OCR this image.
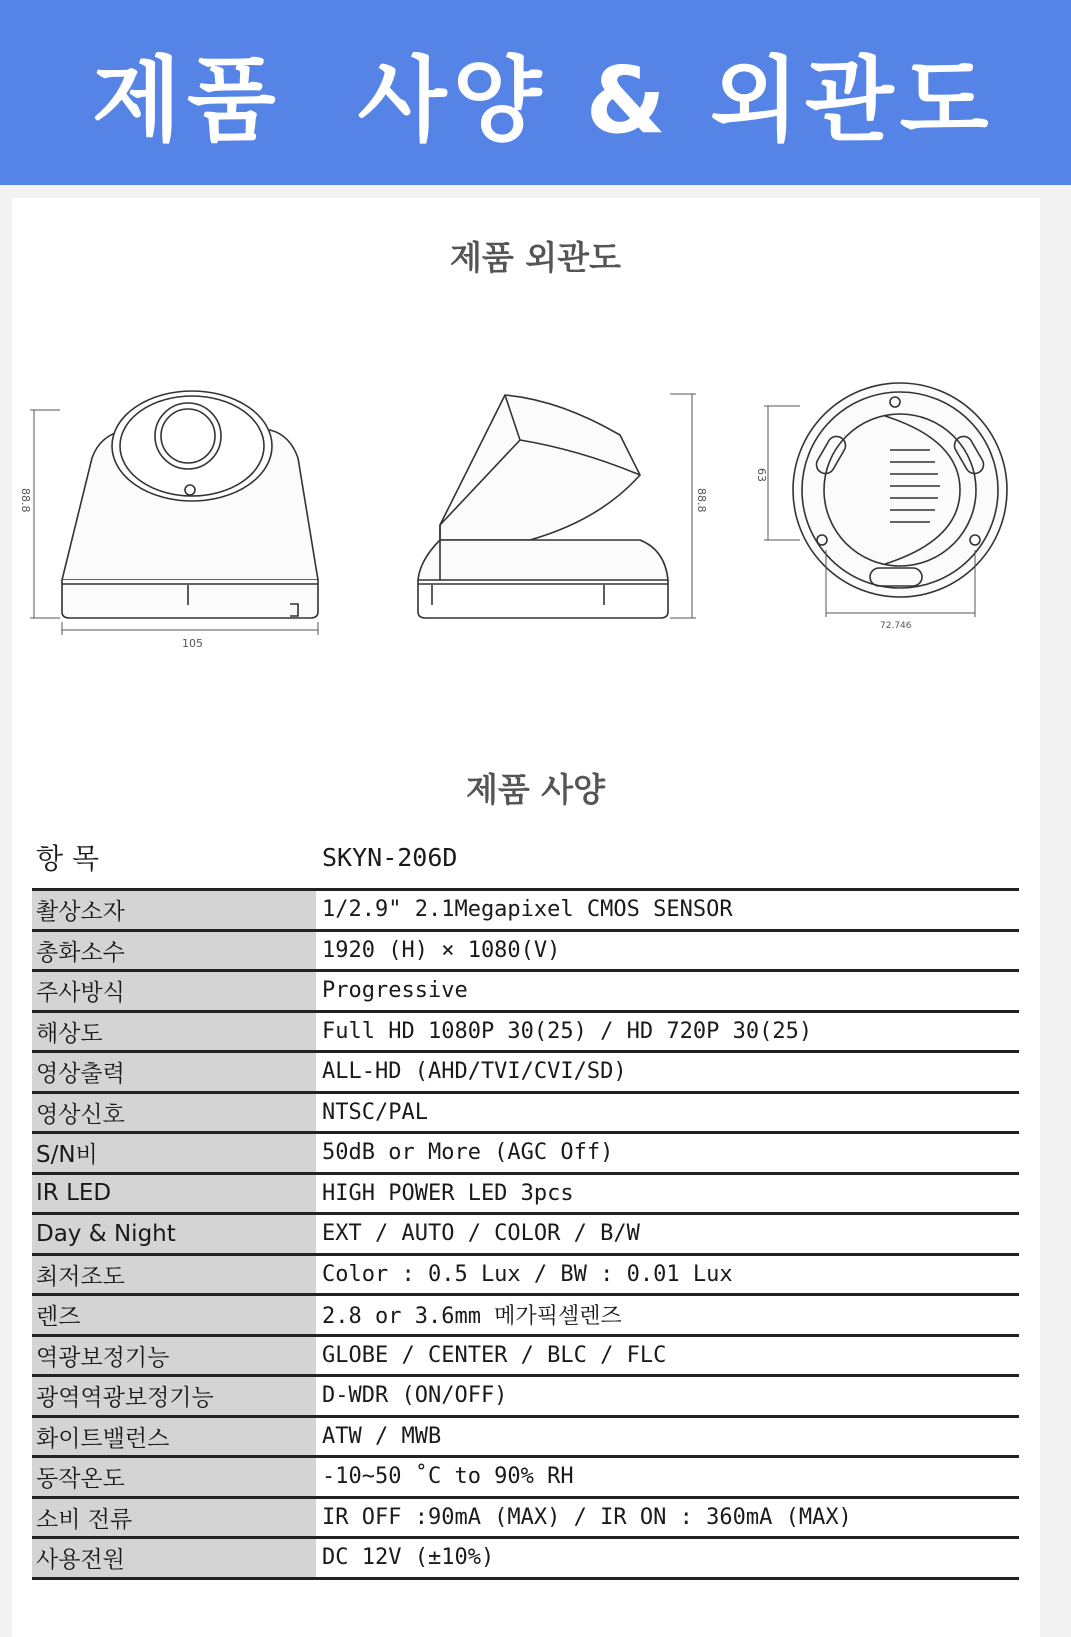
제품  사양 & 외관도
제품 외관도
88.8
105
88.8
63
72.746
제품 사양
항 목	SKYN-206D
촬상소자	1/2.9" 2.1Megapixel CMOS SENSOR
총화소수	1920 (H) × 1080(V)
주사방식	Progressive
해상도	Full HD 1080P 30(25) / HD 720P 30(25)
영상출력	ALL-HD (AHD/TVI/CVI/SD)
영상신호	NTSC/PAL
S/N비	50dB or More (AGC Off)
IR LED	HIGH POWER LED 3pcs
Day & Night	EXT / AUTO / COLOR / B/W
최저조도	Color : 0.5 Lux / BW : 0.01 Lux
렌즈	2.8 or 3.6mm 메가픽셀렌즈
역광보정기능	GLOBE / CENTER / BLC / FLC
광역역광보정기능	D-WDR (ON/OFF)
화이트밸런스	ATW / MWB
동작온도	-10~50 ˚C to 90% RH
소비 전류	IR OFF :90mA (MAX) / IR ON : 360mA (MAX)
사용전원	DC 12V (±10%)
